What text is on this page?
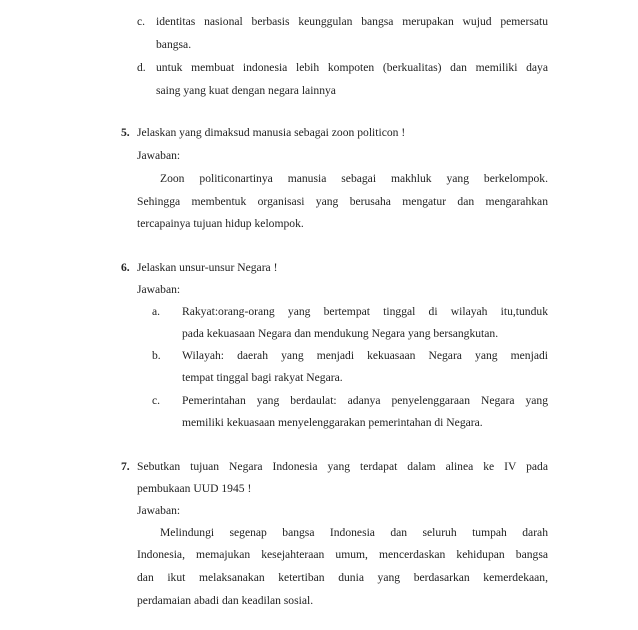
c. identitas nasional berbasis keunggulan bangsa merupakan wujud pemersatu
bangsa.
d. untuk membuat indonesia lebih kompoten (berkualitas) dan memiliki daya
saing yang kuat dengan negara lainnya
5. Jelaskan yang dimaksud manusia sebagai zoon politicon !
Jawaban:
Zoon politiconartinya manusia sebagai makhluk yang berkelompok.
Sehingga membentuk organisasi yang berusaha mengatur dan mengarahkan
tercapainya tujuan hidup kelompok.
6. Jelaskan unsur-unsur Negara !
Jawaban:
a. Rakyat:orang-orang yang bertempat tinggal di wilayah itu,tunduk
pada kekuasaan Negara dan mendukung Negara yang bersangkutan.
b. Wilayah: daerah yang menjadi kekuasaan Negara yang menjadi
tempat tinggal bagi rakyat Negara.
c. Pemerintahan yang berdaulat: adanya penyelenggaraan Negara yang
memiliki kekuasaan menyelenggarakan pemerintahan di Negara.
7. Sebutkan tujuan Negara Indonesia yang terdapat dalam alinea ke IV pada
pembukaan UUD 1945 !
Jawaban:
Melindungi segenap bangsa Indonesia dan seluruh tumpah darah
Indonesia, memajukan kesejahteraan umum, mencerdaskan kehidupan bangsa
dan ikut melaksanakan ketertiban dunia yang berdasarkan kemerdekaan,
perdamaian abadi dan keadilan sosial.
